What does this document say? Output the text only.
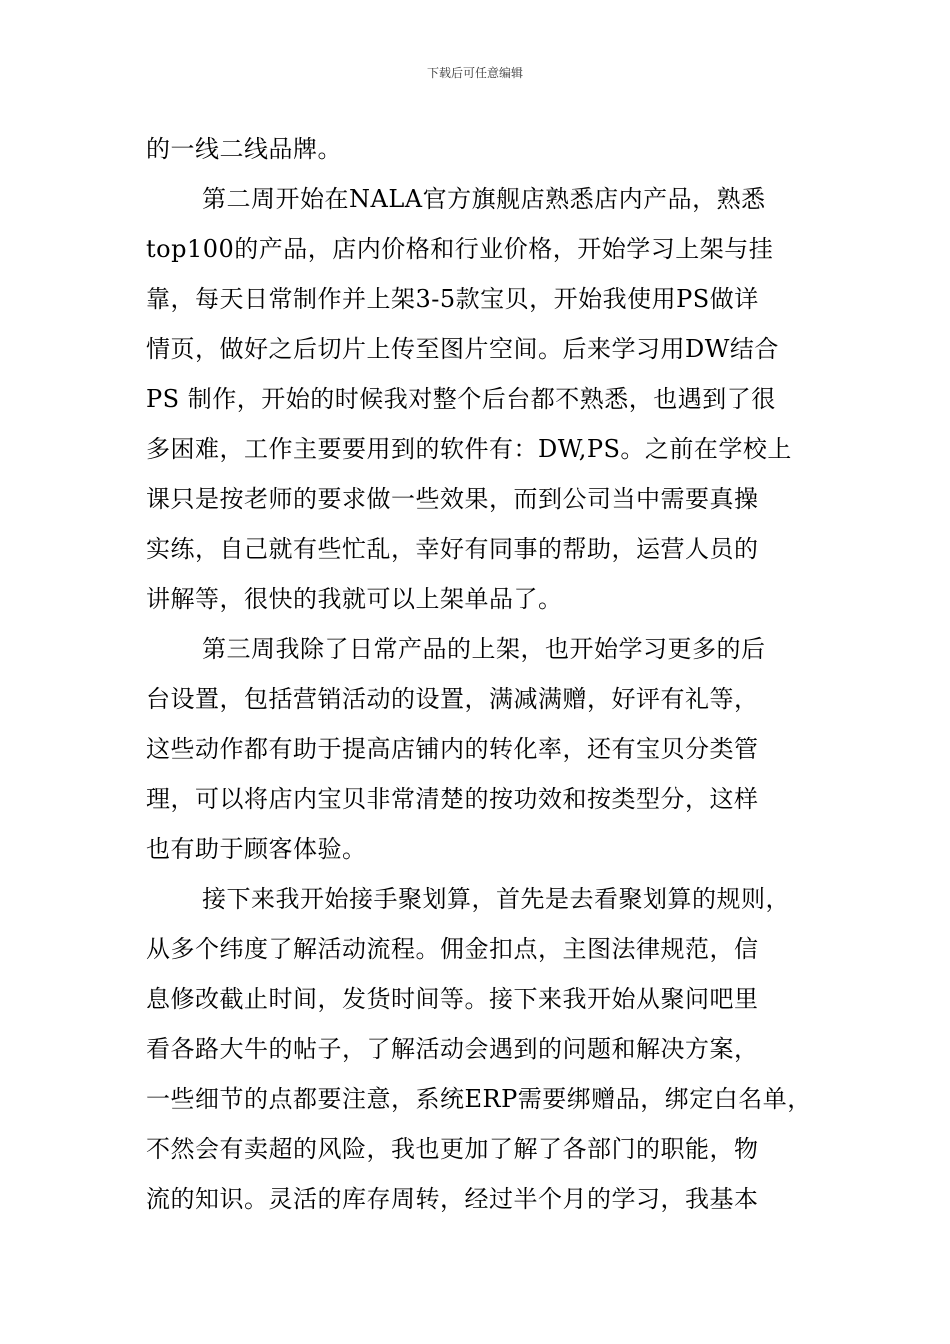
下载后可任意编辑
的一线二线品牌。
第二周开始在NALA官方旗舰店熟悉店内产品，熟悉
top100的产品，店内价格和行业价格，开始学习上架与挂
靠，每天日常制作并上架3-5款宝贝，开始我使用PS做详
情页，做好之后切片上传至图片空间。后来学习用DW结合
PS 制作，开始的时候我对整个后台都不熟悉，也遇到了很
多困难，工作主要要用到的软件有：DW,PS。之前在学校上
课只是按老师的要求做一些效果，而到公司当中需要真操
实练，自己就有些忙乱，幸好有同事的帮助，运营人员的
讲解等，很快的我就可以上架单品了。
第三周我除了日常产品的上架，也开始学习更多的后
台设置，包括营销活动的设置，满减满赠，好评有礼等，
这些动作都有助于提高店铺内的转化率，还有宝贝分类管
理，可以将店内宝贝非常清楚的按功效和按类型分，这样
也有助于顾客体验。
接下来我开始接手聚划算，首先是去看聚划算的规则，
从多个纬度了解活动流程。佣金扣点，主图法律规范，信
息修改截止时间，发货时间等。接下来我开始从聚问吧里
看各路大牛的帖子，了解活动会遇到的问题和解决方案，
一些细节的点都要注意，系统ERP需要绑赠品，绑定白名单，
不然会有卖超的风险，我也更加了解了各部门的职能，物
流的知识。灵活的库存周转，经过半个月的学习，我基本
